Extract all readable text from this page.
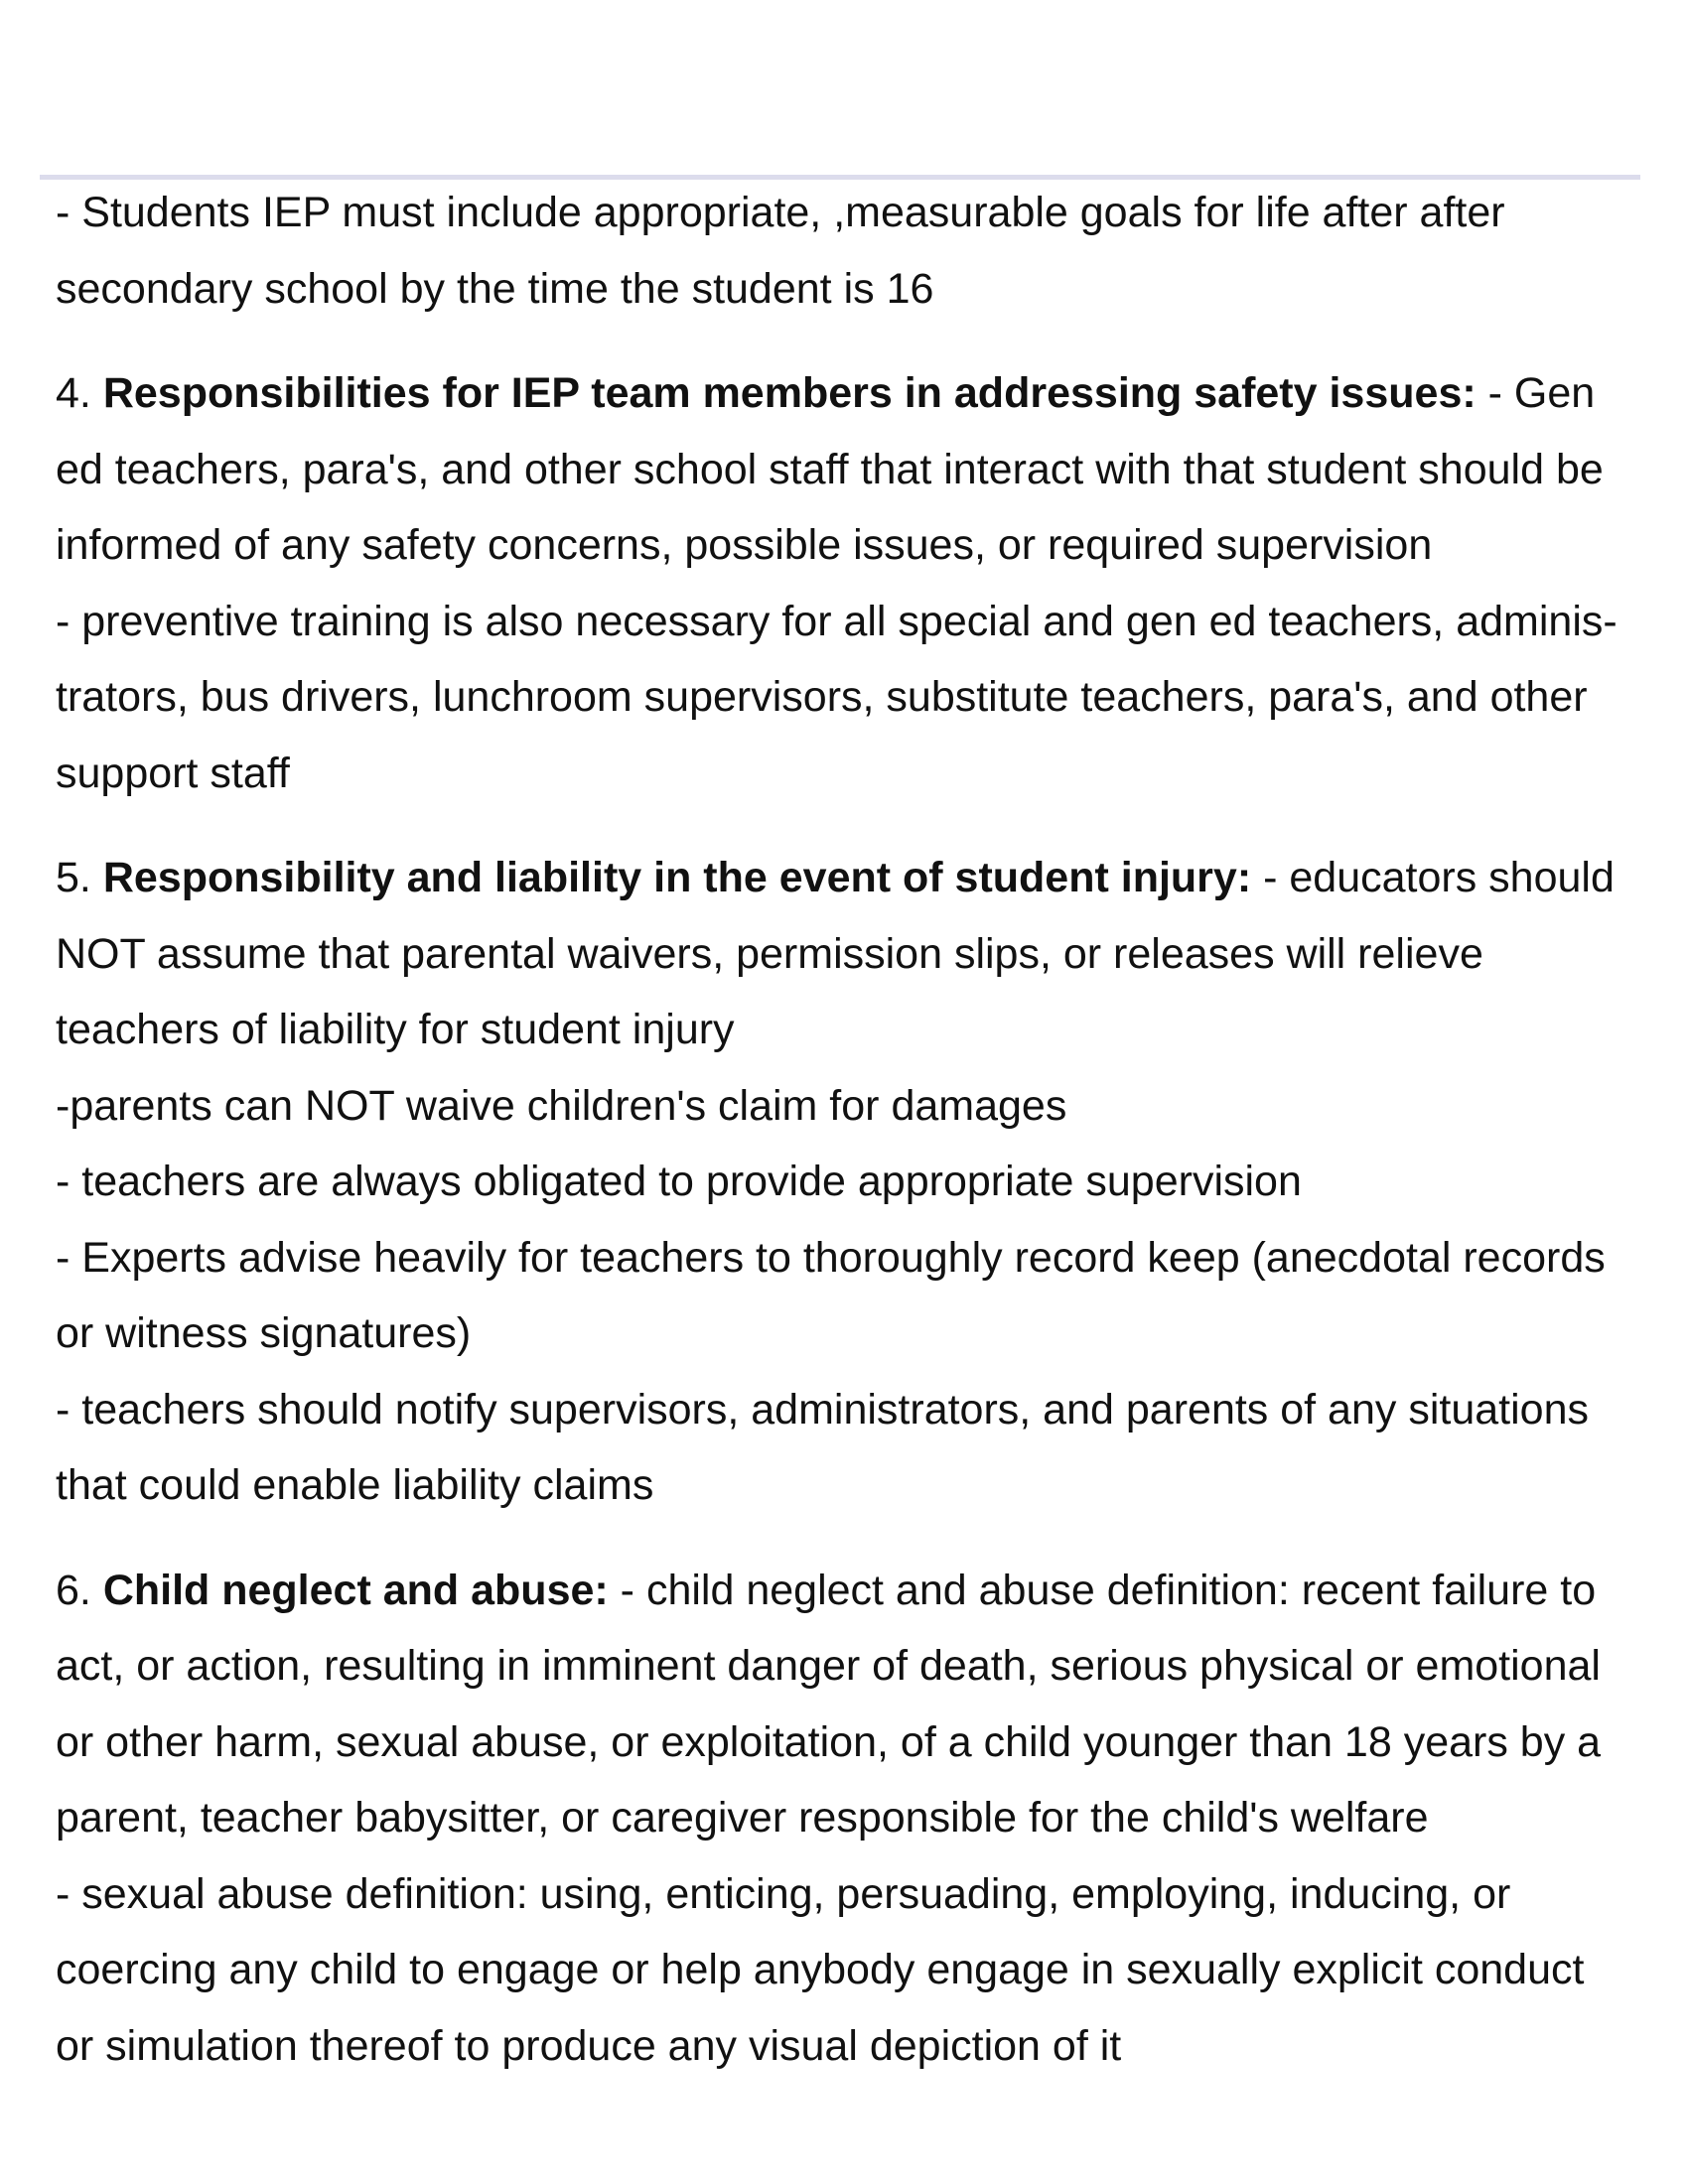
- Students IEP must include appropriate, ,measurable goals for life after after
secondary school by the time the student is 16
4. Responsibilities for IEP team members in addressing safety issues: - Gen
ed teachers, para's, and other school staff that interact with that student should be
informed of any safety concerns, possible issues, or required supervision
- preventive training is also necessary for all special and gen ed teachers, adminis-
trators, bus drivers, lunchroom supervisors, substitute teachers, para's, and other
support staff
5. Responsibility and liability in the event of student injury: - educators should
NOT assume that parental waivers, permission slips, or releases will relieve
teachers of liability for student injury
-parents can NOT waive children's claim for damages
- teachers are always obligated to provide appropriate supervision
- Experts advise heavily for teachers to thoroughly record keep (anecdotal records
or witness signatures)
- teachers should notify supervisors, administrators, and parents of any situations
that could enable liability claims
6. Child neglect and abuse: - child neglect and abuse definition: recent failure to
act, or action, resulting in imminent danger of death, serious physical or emotional
or other harm, sexual abuse, or exploitation, of a child younger than 18 years by a
parent, teacher babysitter, or caregiver responsible for the child's welfare
- sexual abuse definition: using, enticing, persuading, employing, inducing, or
coercing any child to engage or help anybody engage in sexually explicit conduct
or simulation thereof to produce any visual depiction of it
